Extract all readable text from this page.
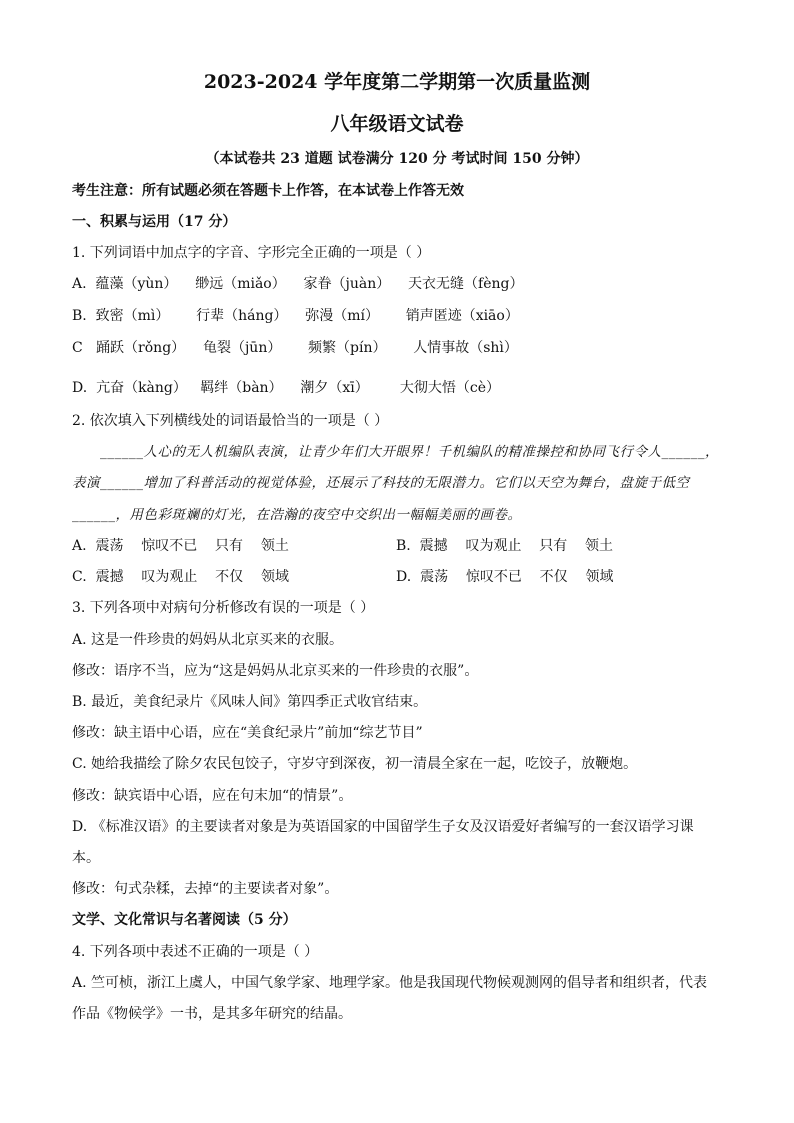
2023-2024 学年度第二学期第一次质量监测
八年级语文试卷
（本试卷共 23 道题 试卷满分 120 分 考试时间 150 分钟）
考生注意：所有试题必须在答题卡上作答，在本试卷上作答无效
一、积累与运用（17 分）
1. 下列词语中加点字的字音、字形完全正确的一项是（ ）
A.  蕴藻（yùn）    缈远（miǎo）    家眷（juàn）    天衣无缝（fèng）
B.  致密（mì）      行辈（háng）    弥漫（mí）      销声匿迹（xiāo）
C   踊跃（rǒng）    龟裂（jūn）      频繁（pín）      人情事故（shì）
D.  亢奋（kàng）   羁绊（bàn）    潮夕（xī）       大彻大悟（cè）
2. 依次填入下列横线处的词语最恰当的一项是（ ）
______人心的无人机编队表演，让青少年们大开眼界！千机编队的精准操控和协同飞行令人______，
表演______增加了科普活动的视觉体验，还展示了科技的无限潜力。它们以天空为舞台，盘旋于低空
______，用色彩斑斓的灯光，在浩瀚的夜空中交织出一幅幅美丽的画卷。
A.  震荡    惊叹不已    只有    领土	B.  震撼    叹为观止    只有    领土
C.  震撼    叹为观止    不仅    领域	D.  震荡    惊叹不已    不仅    领域
3. 下列各项中对病句分析修改有误的一项是（ ）
A. 这是一件珍贵的妈妈从北京买来的衣服。
修改：语序不当，应为“这是妈妈从北京买来的一件珍贵的衣服”。
B. 最近，美食纪录片《风味人间》第四季正式收官结束。
修改：缺主语中心语，应在“美食纪录片”前加“综艺节目”
C. 她给我描绘了除夕农民包饺子，守岁守到深夜，初一清晨全家在一起，吃饺子，放鞭炮。
修改：缺宾语中心语，应在句末加“的情景”。
D. 《标准汉语》的主要读者对象是为英语国家的中国留学生子女及汉语爱好者编写的一套汉语学习课
本。
修改：句式杂糅，去掉“的主要读者对象”。
文学、文化常识与名著阅读（5 分）
4. 下列各项中表述不正确的一项是（ ）
A. 竺可桢，浙江上虞人，中国气象学家、地理学家。他是我国现代物候观测网的倡导者和组织者，代表
作品《物候学》一书，是其多年研究的结晶。
